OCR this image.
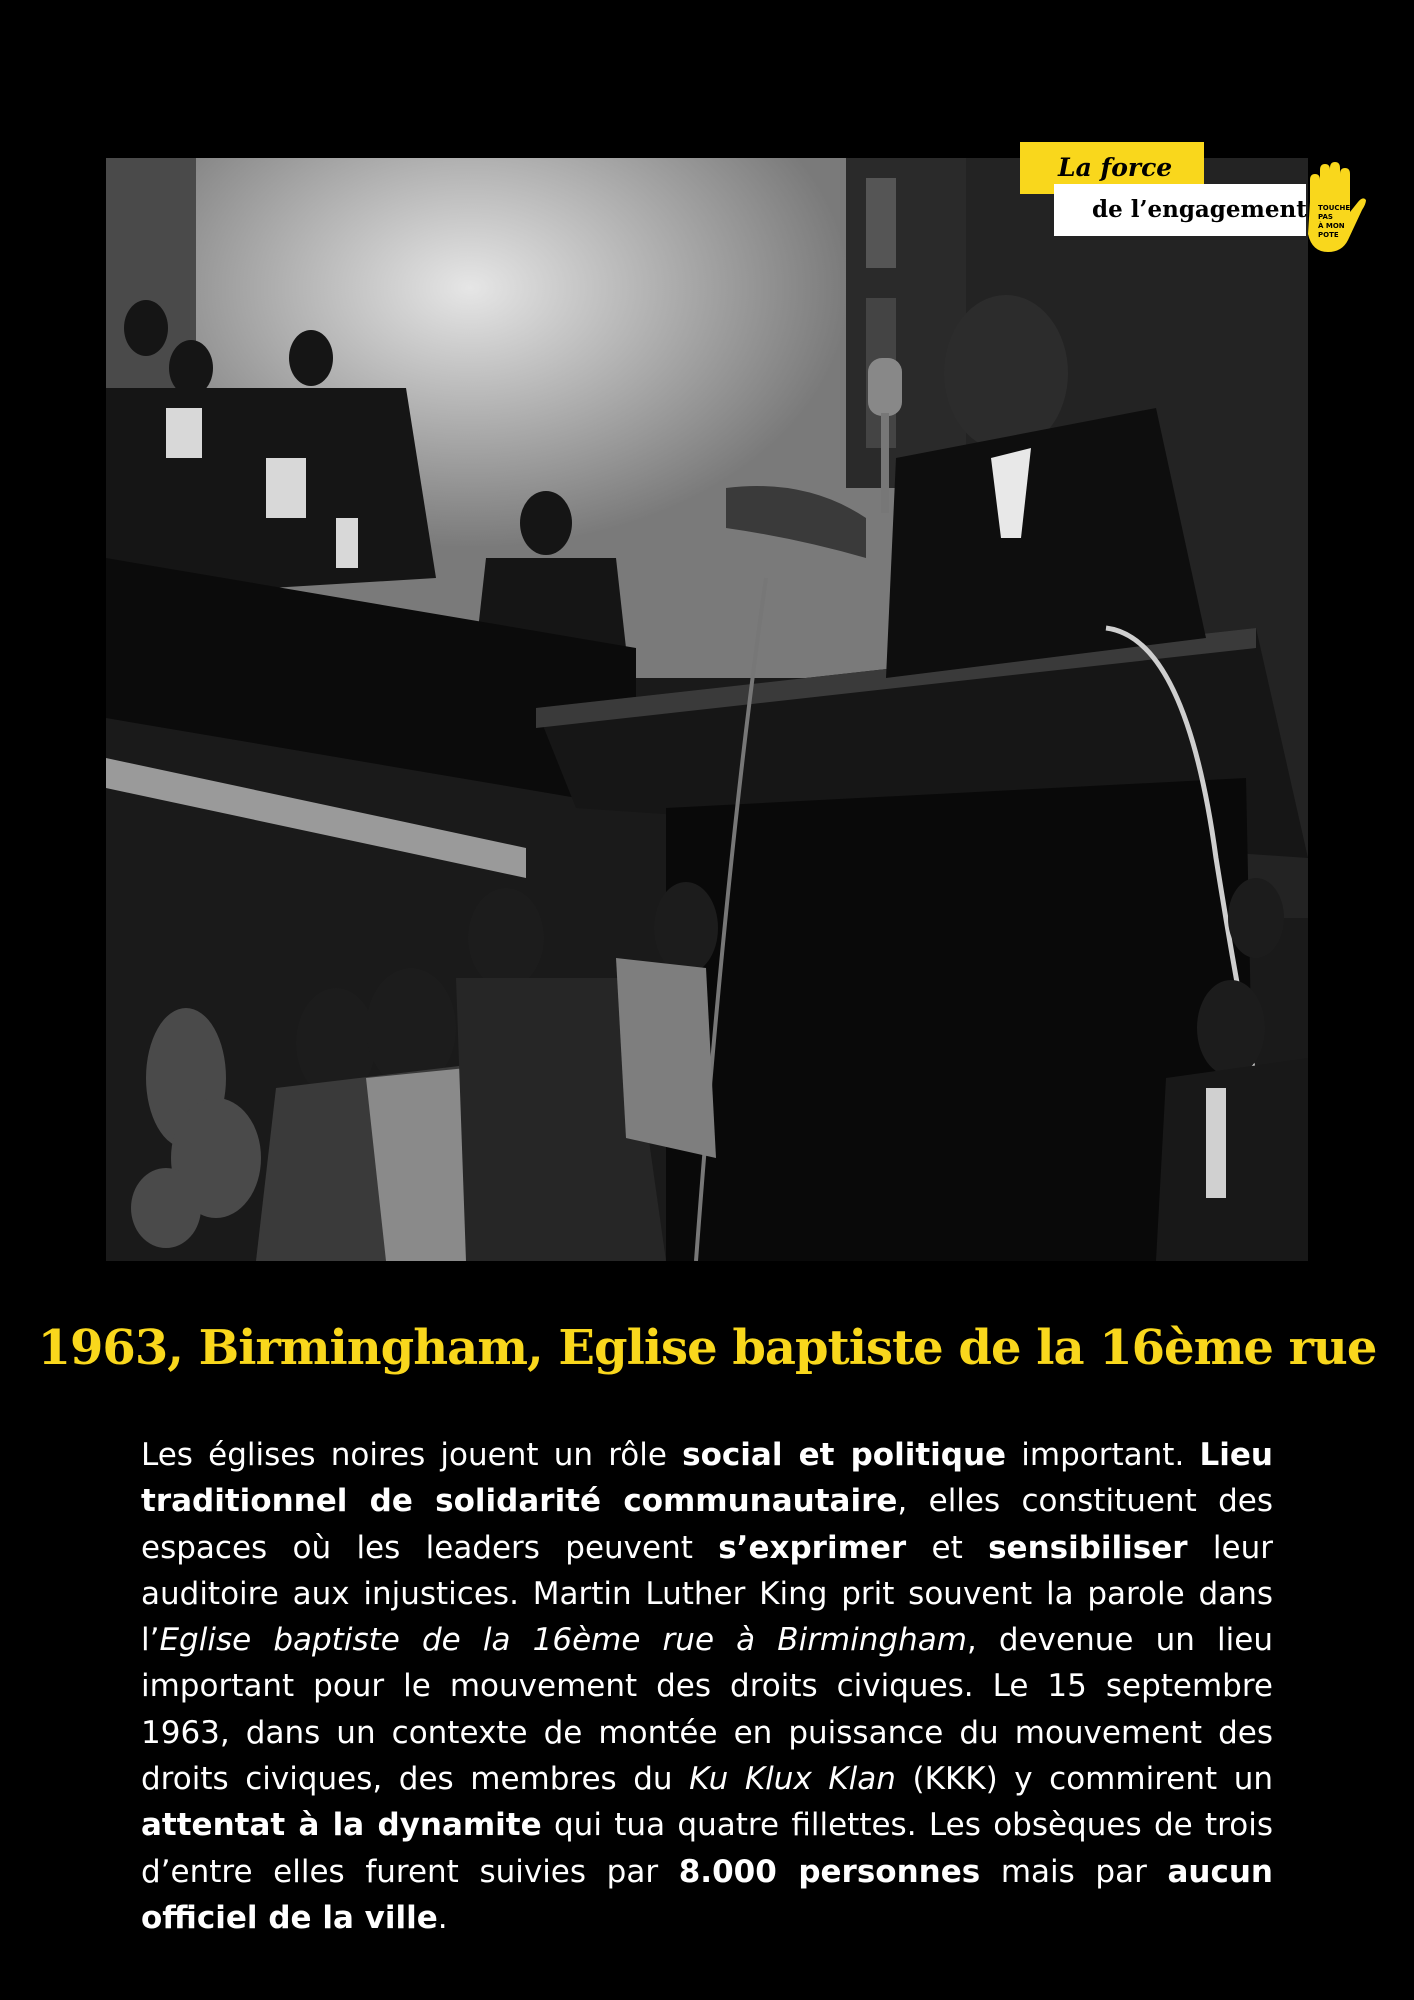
La force
de l’engagement TOUCHE
PAS
À MON
POTE
1963, Birmingham, Eglise baptiste de la 16ème rue

Les églises noires jouent un rôle social et politique important. Lieu traditionnel de solidarité communautaire, elles constituent des espaces où les leaders peuvent s’exprimer et sensibiliser leur auditoire aux injustices. Martin Luther King prit souvent la parole dans l’Eglise baptiste de la 16ème rue à Birmingham, devenue un lieu important pour le mouvement des droits civiques. Le 15 septembre 1963, dans un contexte de montée en puissance du mouvement des droits civiques, des membres du Ku Klux Klan (KKK) y commirent un attentat à la dynamite qui tua quatre fillettes. Les obsèques de trois d’entre elles furent suivies par 8.000 personnes mais par aucun officiel de la ville.
